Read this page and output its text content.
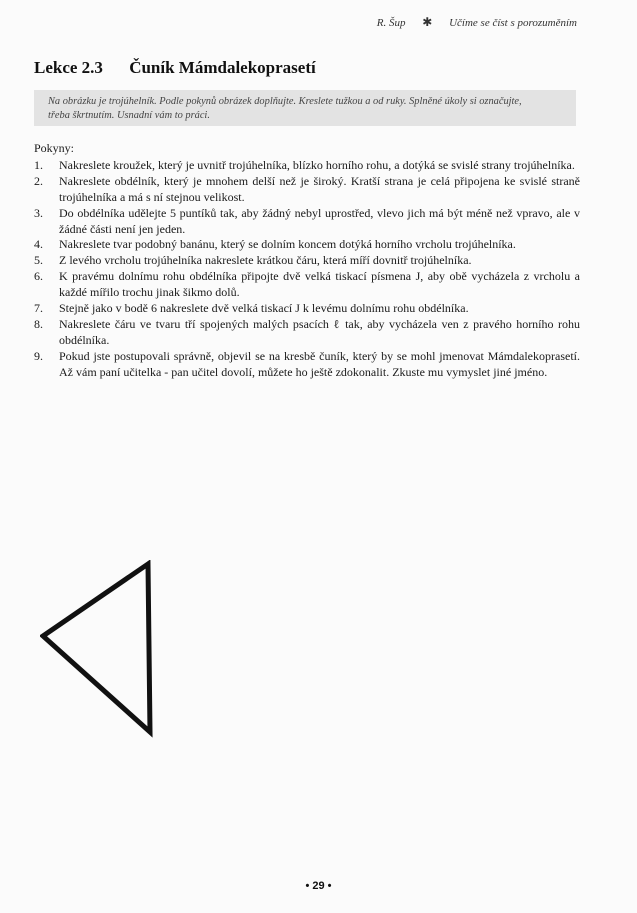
R. Šup ✱ Učíme se číst s porozuměním
Lekce 2.3 Čuník Mámdalekoprasetí

Na obrázku je trojúhelník. Podle pokynů obrázek doplňujte. Kreslete tužkou a od ruky. Splněné úkoly si označujte,

třeba škrtnutím. Usnadní vám to práci.

Pokyny:

1.	Nakreslete kroužek, který je uvnitř trojúhelníka, blízko horního rohu, a dotýká se svislé strany trojúhelníka.
2.	Nakreslete obdélník, který je mnohem delší než je široký. Kratší strana je celá připojena ke svislé straně trojúhelníka a má s ní stejnou velikost.
3.	Do obdélníka udělejte 5 puntíků tak, aby žádný nebyl uprostřed, vlevo jich má být méně než vpravo, ale v žádné části není jen jeden.
4.	Nakreslete tvar podobný banánu, který se dolním koncem dotýká horního vrcholu trojúhelníka.
5.	Z levého vrcholu trojúhelníka nakreslete krátkou čáru, která míří dovnitř trojúhelníka.
6.	K pravému dolnímu rohu obdélníka připojte dvě velká tiskací písmena J, aby obě vycházela z vrcholu a každé mířilo trochu jinak šikmo dolů.
7.	Stejně jako v bodě 6 nakreslete dvě velká tiskací J k levému dolnímu rohu obdélníka.
8.	Nakreslete čáru ve tvaru tří spojených malých psacích ℓ tak, aby vycházela ven z pravého horního rohu obdélníka.
9.	Pokud jste postupovali správně, objevil se na kresbě čuník, který by se mohl jmenovat Mámdalekoprasetí. Až vám paní učitelka - pan učitel dovolí, můžete ho ještě zdokonalit. Zkuste mu vymyslet jiné jméno.
• 29 •
